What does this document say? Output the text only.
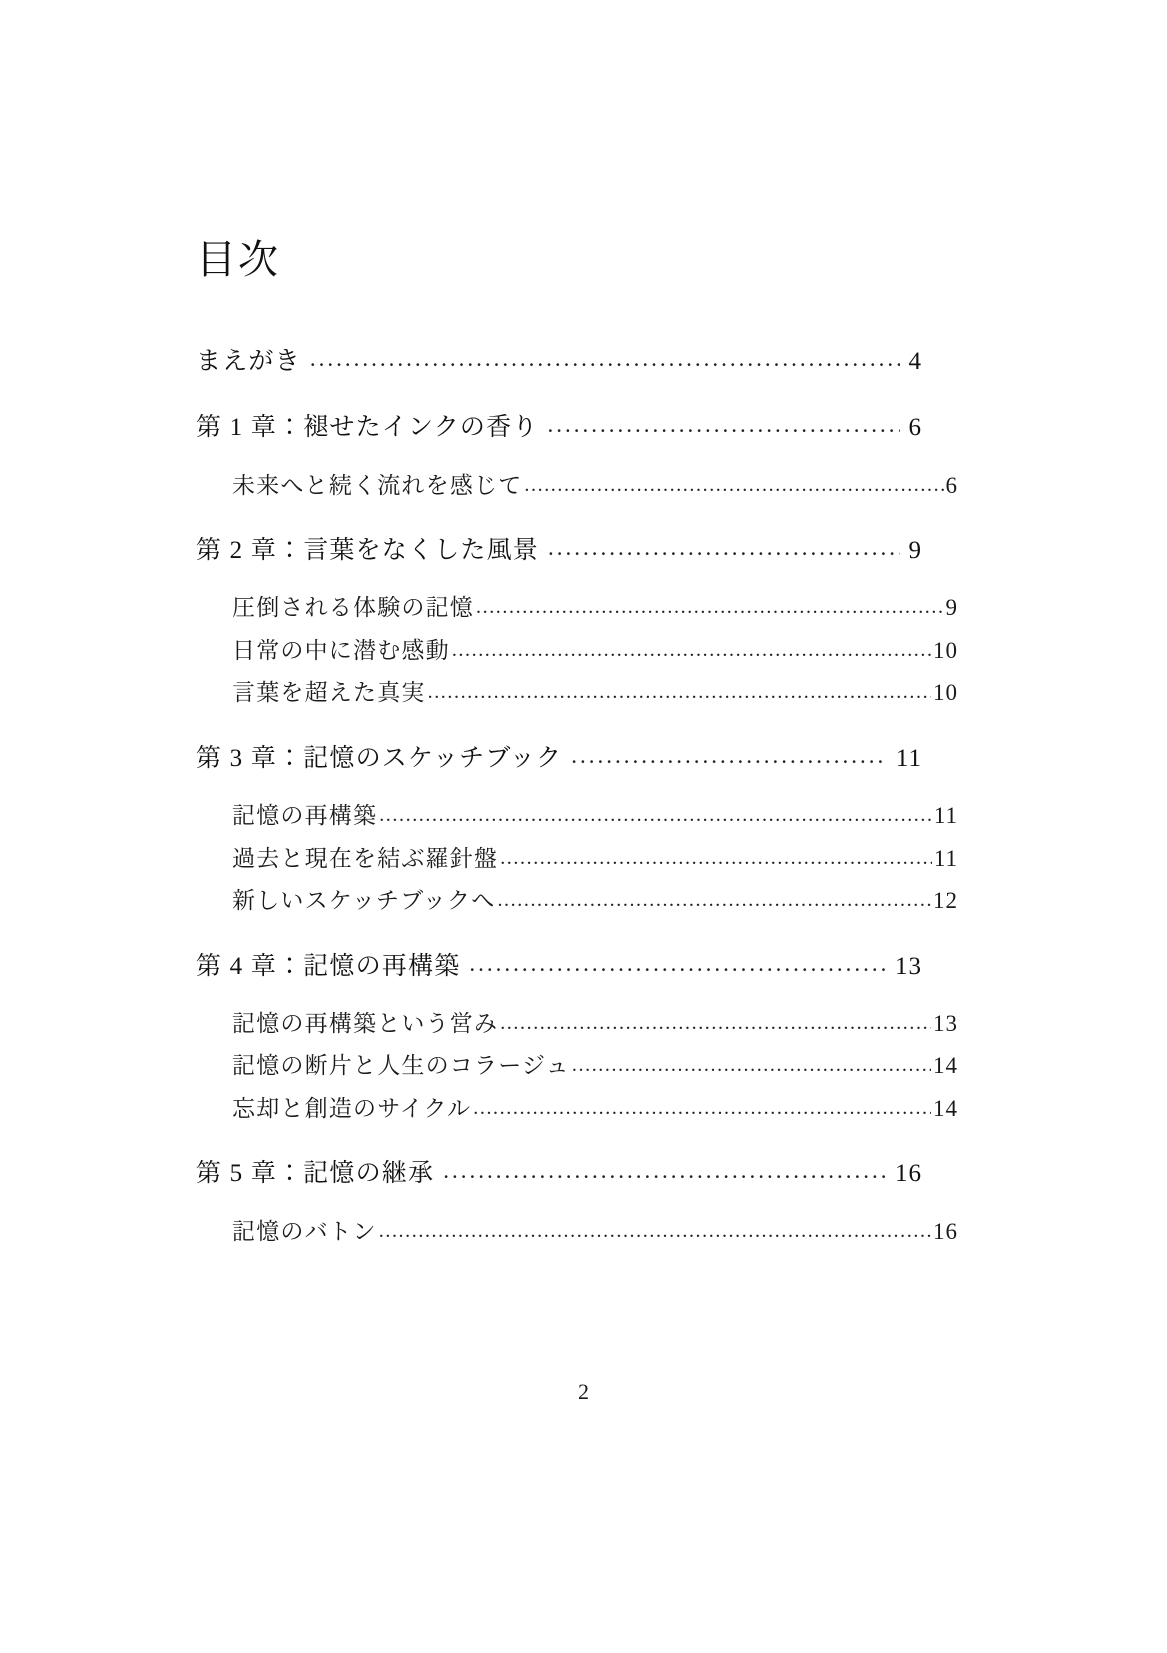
目次
まえがき .....	4
第 1 章：褪せたインクの香り .....	6
未来へと続く流れを感じて .....	6
第 2 章：言葉をなくした風景 .....	9
圧倒される体験の記憶 .....	9
日常の中に潜む感動 .....	10
言葉を超えた真実 .....	10
第 3 章：記憶のスケッチブック .....	11
記憶の再構築 .....	11
過去と現在を結ぶ羅針盤 .....	11
新しいスケッチブックへ .....	12
第 4 章：記憶の再構築 .....	13
記憶の再構築という営み .....	13
記憶の断片と人生のコラージュ .....	14
忘却と創造のサイクル .....	14
第 5 章：記憶の継承 .....	16
記憶のバトン .....	16
2
